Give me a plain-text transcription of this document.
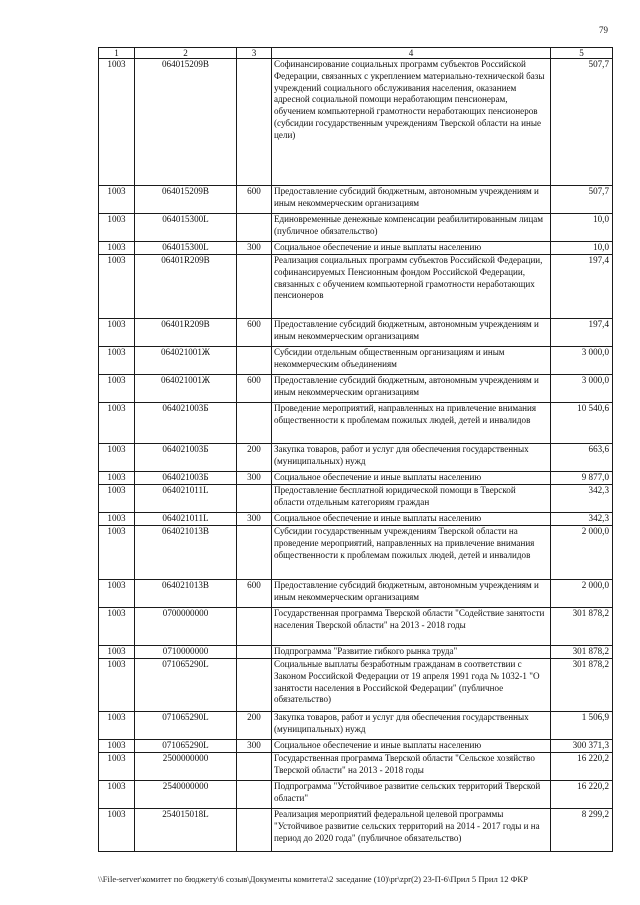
79
1	2	3	4	5
1003	064015209В		Софинансирование социальных программ субъектов Российской Федерации, связанных с укреплением материально-технической базы учреждений социального обслуживания населения, оказанием адресной социальной помощи неработающим пенсионерам, обучением компьютерной грамотности неработающих пенсионеров (субсидии государственным учреждениям Тверской области на иные цели)	507,7
1003	064015209В	600	Предоставление субсидий бюджетным, автономным учреждениям и иным некоммерческим организациям	507,7
1003	064015300L		Единовременные денежные компенсации реабилитированным лицам (публичное обязательство)	10,0
1003	064015300L	300	Социальное обеспечение и иные выплаты населению	10,0
1003	06401R209В		Реализация социальных программ субъектов Российской Федерации, софинансируемых Пенсионным фондом Российской Федерации, связанных с обучением компьютерной грамотности неработающих пенсионеров	197,4
1003	06401R209В	600	Предоставление субсидий бюджетным, автономным учреждениям и иным некоммерческим организациям	197,4
1003	064021001Ж		Субсидии отдельным общественным организациям и иным некоммерческим объединениям	3 000,0
1003	064021001Ж	600	Предоставление субсидий бюджетным, автономным учреждениям и иным некоммерческим организациям	3 000,0
1003	064021003Б		Проведение мероприятий, направленных на привлечение внимания общественности к проблемам пожилых людей, детей и инвалидов	10 540,6
1003	064021003Б	200	Закупка товаров, работ и услуг для обеспечения государственных (муниципальных) нужд	663,6
1003	064021003Б	300	Социальное обеспечение и иные выплаты населению	9 877,0
1003	064021011L		Предоставление бесплатной юридической помощи в Тверской области отдельным категориям граждан	342,3
1003	064021011L	300	Социальное обеспечение и иные выплаты населению	342,3
1003	064021013В		Субсидии государственным учреждениям Тверской области на проведение мероприятий, направленных на привлечение внимания общественности к проблемам пожилых людей, детей и инвалидов	2 000,0
1003	064021013В	600	Предоставление субсидий бюджетным, автономным учреждениям и иным некоммерческим организациям	2 000,0
1003	0700000000		Государственная программа Тверской области "Содействие занятости населения Тверской области" на 2013 - 2018 годы	301 878,2
1003	0710000000		Подпрограмма "Развитие гибкого рынка труда"	301 878,2
1003	071065290L		Социальные выплаты безработным гражданам в соответствии с Законом Российской Федерации от 19 апреля 1991 года № 1032-1 "О занятости населения в Российской Федерации" (публичное обязательство)	301 878,2
1003	071065290L	200	Закупка товаров, работ и услуг для обеспечения государственных (муниципальных) нужд	1 506,9
1003	071065290L	300	Социальное обеспечение и иные выплаты населению	300 371,3
1003	2500000000		Государственная программа Тверской области "Сельское хозяйство Тверской области" на 2013 - 2018 годы	16 220,2
1003	2540000000		Подпрограмма "Устойчивое развитие сельских территорий Тверской области"	16 220,2
1003	254015018L		Реализация мероприятий федеральной целевой программы "Устойчивое развитие сельских территорий на 2014 - 2017 годы и на период до 2020 года" (публичное обязательство)	8 299,2
\\File-server\комитет по бюджету\6 созыв\Документы комитета\2 заседание (10)\pr\zpr(2) 23-П-6\Прил 5 Прил 12 ФКР
